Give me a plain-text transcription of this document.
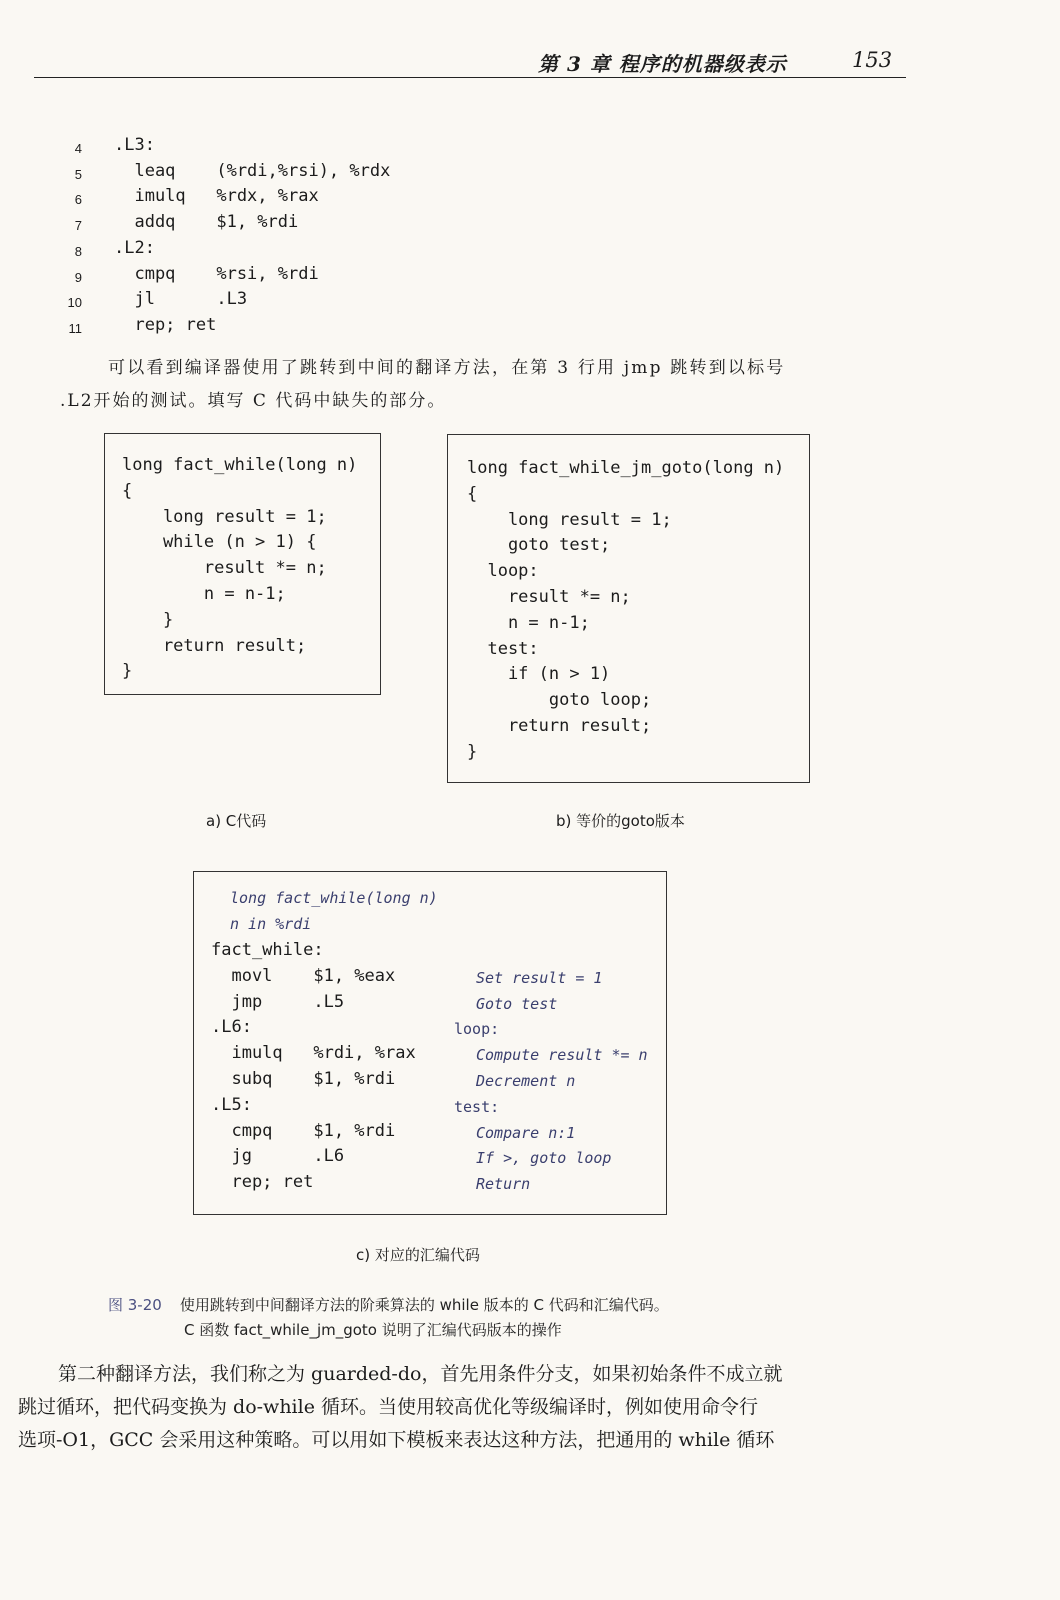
第 3 章 程序的机器级表示	153
4
5
6
7
8
9
10
11
.L3:
leaq    (%rdi,%rsi), %rdx
imulq   %rdx, %rax
addq    $1, %rdi
.L2:
cmpq    %rsi, %rdi
jl      .L3
rep; ret
可以看到编译器使用了跳转到中间的翻译方法，在第 3 行用 jmp 跳转到以标号
.L2开始的测试。填写 C 代码中缺失的部分。
long fact_while(long n)
{
long result = 1;
while (n > 1) {
result *= n;
n = n-1;
}
return result;
}
a) C代码
long fact_while_jm_goto(long n)
{
long result = 1;
goto test;
loop:
result *= n;
n = n-1;
test:
if (n > 1)
goto loop;
return result;
}
b) 等价的goto版本
long fact_while(long n)
n in %rdi
fact_while:
movl    $1, %eax
jmp     .L5
.L6:
imulq   %rdi, %rax
subq    $1, %rdi
.L5:
cmpq    $1, %rdi
jg      .L6
rep; ret
Set result = 1
Goto test
loop:
Compute result *= n
Decrement n
test:
Compare n:1
If >, goto loop
Return
c) 对应的汇编代码
图 3-20 使用跳转到中间翻译方法的阶乘算法的 while 版本的 C 代码和汇编代码。
C 函数 fact_while_jm_goto 说明了汇编代码版本的操作
第二种翻译方法，我们称之为 guarded-do，首先用条件分支，如果初始条件不成立就
跳过循环，把代码变换为 do-while 循环。当使用较高优化等级编译时，例如使用命令行
选项-O1，GCC 会采用这种策略。可以用如下模板来表达这种方法，把通用的 while 循环
